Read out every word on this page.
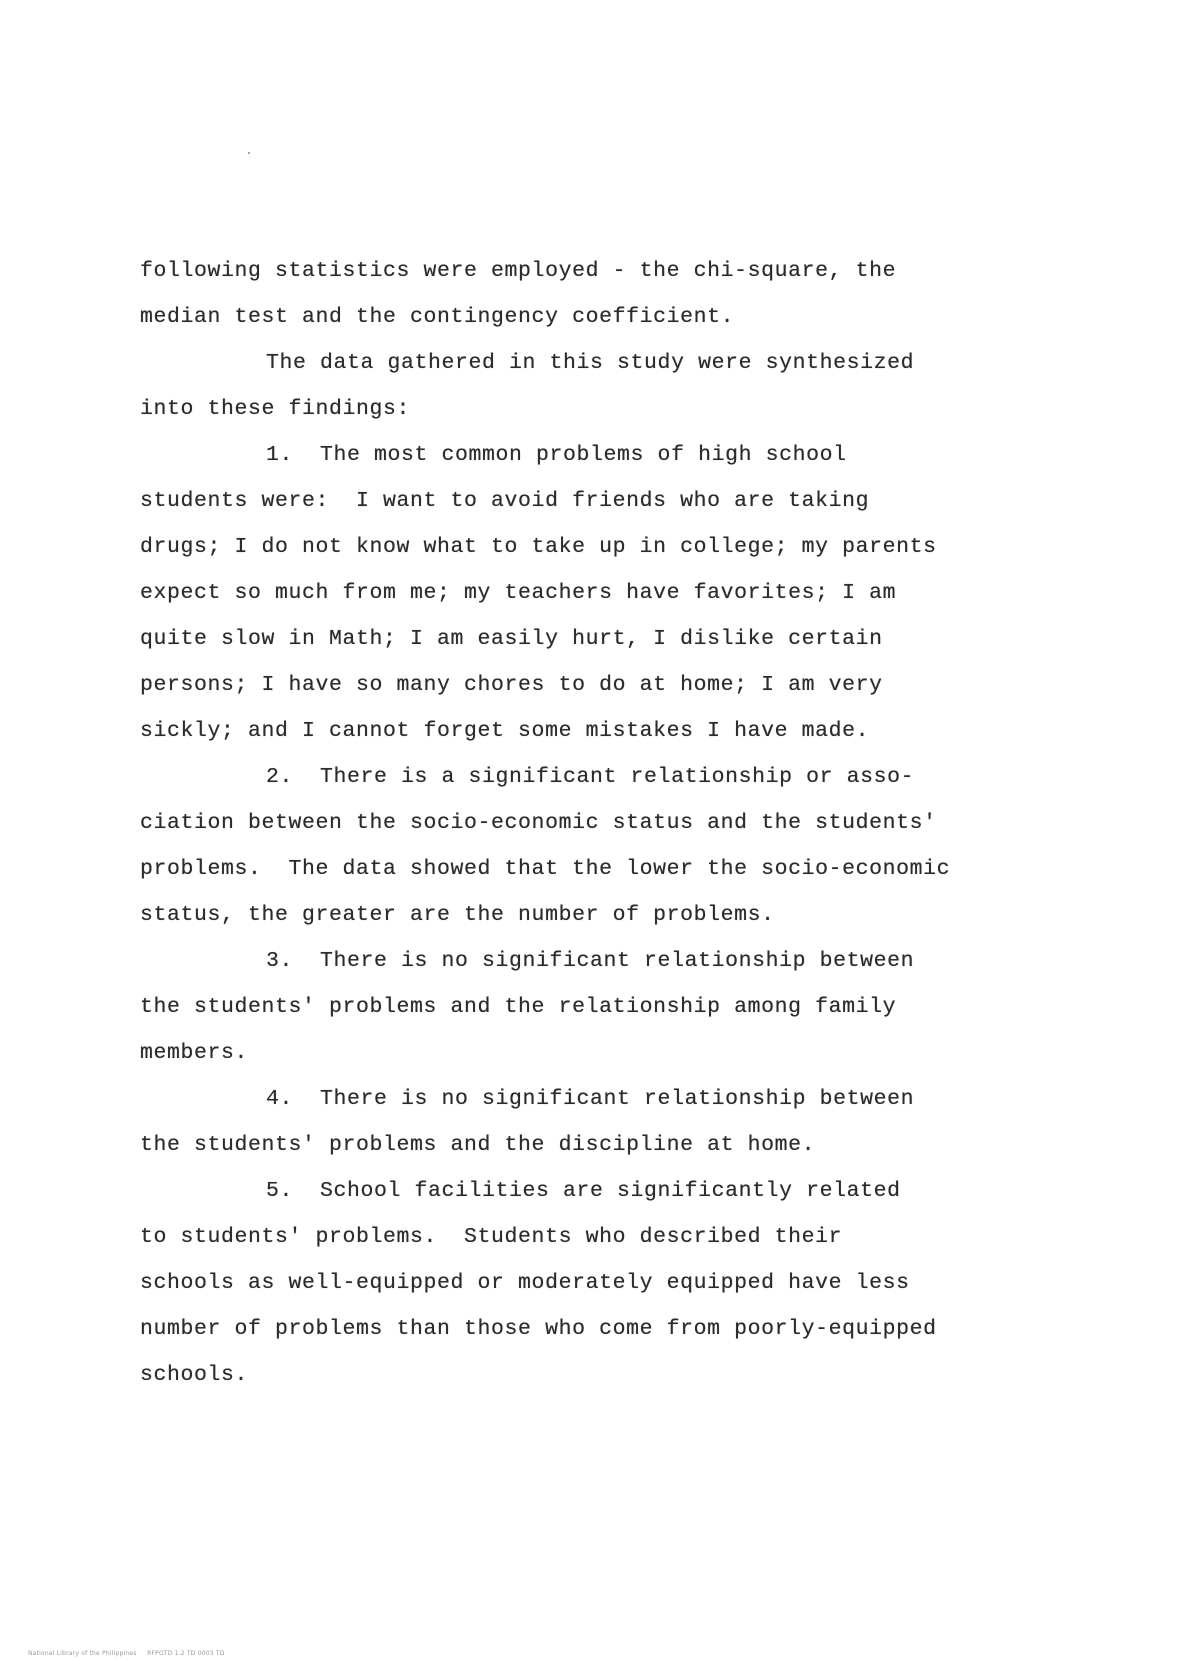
following statistics were employed - the chi-square, the
median test and the contingency coefficient.
The data gathered in this study were synthesized
into these findings:
1.  The most common problems of high school
students were:  I want to avoid friends who are taking
drugs; I do not know what to take up in college; my parents
expect so much from me; my teachers have favorites; I am
quite slow in Math; I am easily hurt, I dislike certain
persons; I have so many chores to do at home; I am very
sickly; and I cannot forget some mistakes I have made.
2.  There is a significant relationship or asso-
ciation between the socio-economic status and the students'
problems.  The data showed that the lower the socio-economic
status, the greater are the number of problems.
3.  There is no significant relationship between
the students' problems and the relationship among family
members.
4.  There is no significant relationship between
the students' problems and the discipline at home.
5.  School facilities are significantly related
to students' problems.  Students who described their
schools as well-equipped or moderately equipped have less
number of problems than those who come from poorly-equipped
schools.
National Library of the Philippines     RFPOTD 1.2 TD 0003 TD
